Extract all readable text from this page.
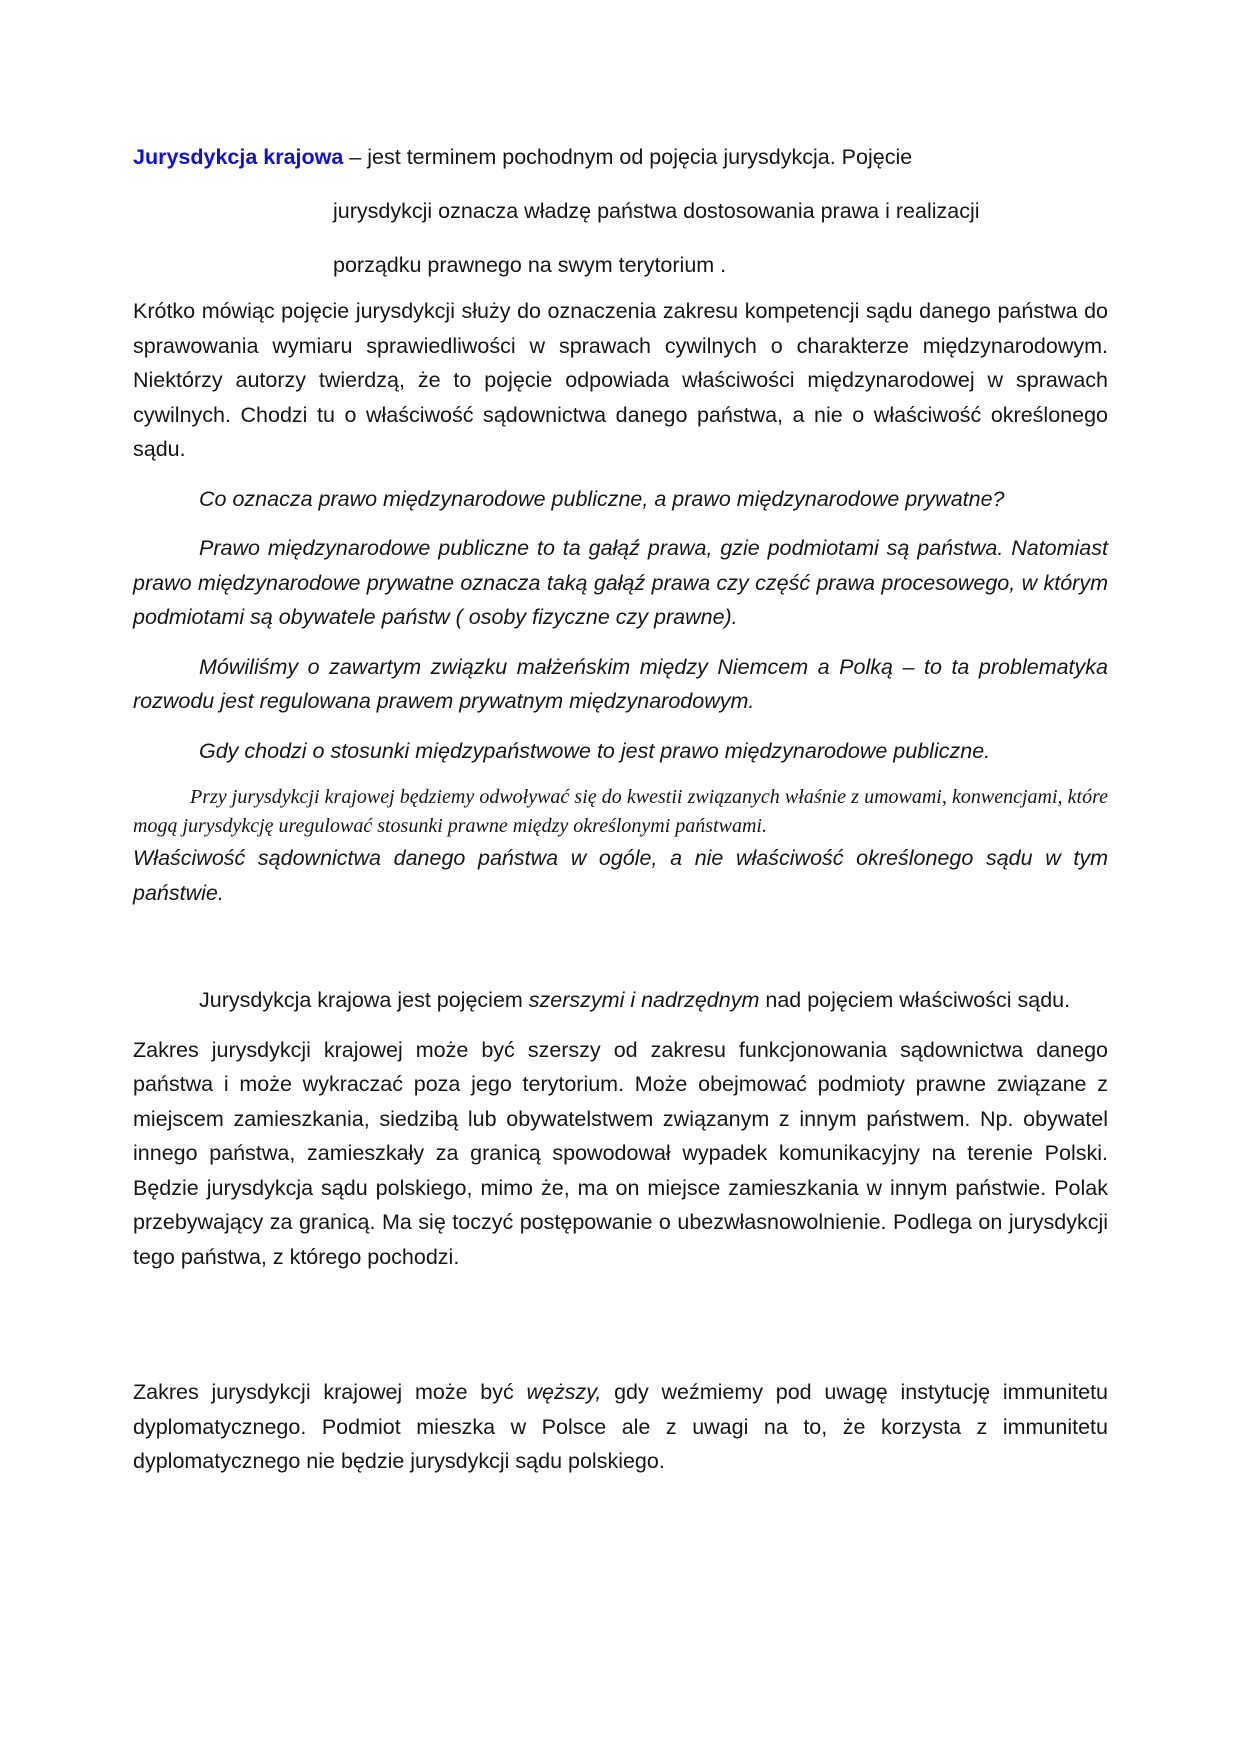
Jurysdykcja krajowa – jest terminem pochodnym od pojęcia jurysdykcja. Pojęcie
jurysdykcji oznacza władzę państwa dostosowania prawa i realizacji
porządku prawnego na swym terytorium .

Krótko mówiąc pojęcie jurysdykcji służy do oznaczenia zakresu kompetencji sądu danego państwa do sprawowania wymiaru sprawiedliwości w sprawach cywilnych o charakterze międzynarodowym. Niektórzy autorzy twierdzą, że to pojęcie odpowiada właściwości międzynarodowej w sprawach cywilnych. Chodzi tu o właściwość sądownictwa danego państwa, a nie o właściwość określonego sądu.

Co oznacza prawo międzynarodowe publiczne, a prawo międzynarodowe prywatne?

Prawo międzynarodowe publiczne to ta gałąź prawa, gzie podmiotami są państwa. Natomiast prawo międzynarodowe prywatne oznacza taką gałąź prawa czy część prawa procesowego, w którym podmiotami są obywatele państw ( osoby fizyczne czy prawne).

Mówiliśmy o zawartym związku małżeńskim między Niemcem a Polką – to ta problematyka rozwodu jest regulowana prawem prywatnym międzynarodowym.

Gdy chodzi o stosunki międzypaństwowe to jest prawo międzynarodowe publiczne.

Przy jurysdykcji krajowej będziemy odwoływać się do kwestii związanych właśnie z umowami, konwencjami, które mogą jurysdykcję uregulować stosunki prawne między określonymi państwami.

Właściwość sądownictwa danego państwa w ogóle, a nie właściwość określonego sądu w tym państwie.

Jurysdykcja krajowa jest pojęciem szerszymi i nadrzędnym nad pojęciem właściwości sądu.

Zakres jurysdykcji krajowej może być szerszy od zakresu funkcjonowania sądownictwa danego państwa i może wykraczać poza jego terytorium. Może obejmować podmioty prawne związane z miejscem zamieszkania, siedzibą lub obywatelstwem związanym z innym państwem. Np. obywatel innego państwa, zamieszkały za granicą spowodował wypadek komunikacyjny na terenie Polski. Będzie jurysdykcja sądu polskiego, mimo że, ma on miejsce zamieszkania w innym państwie. Polak przebywający za granicą. Ma się toczyć postępowanie o ubezwłasnowolnienie. Podlega on jurysdykcji tego państwa, z którego pochodzi.

Zakres jurysdykcji krajowej może być węższy, gdy weźmiemy pod uwagę instytucję immunitetu dyplomatycznego. Podmiot mieszka w Polsce ale z uwagi na to, że korzysta z immunitetu dyplomatycznego nie będzie jurysdykcji sądu polskiego.
